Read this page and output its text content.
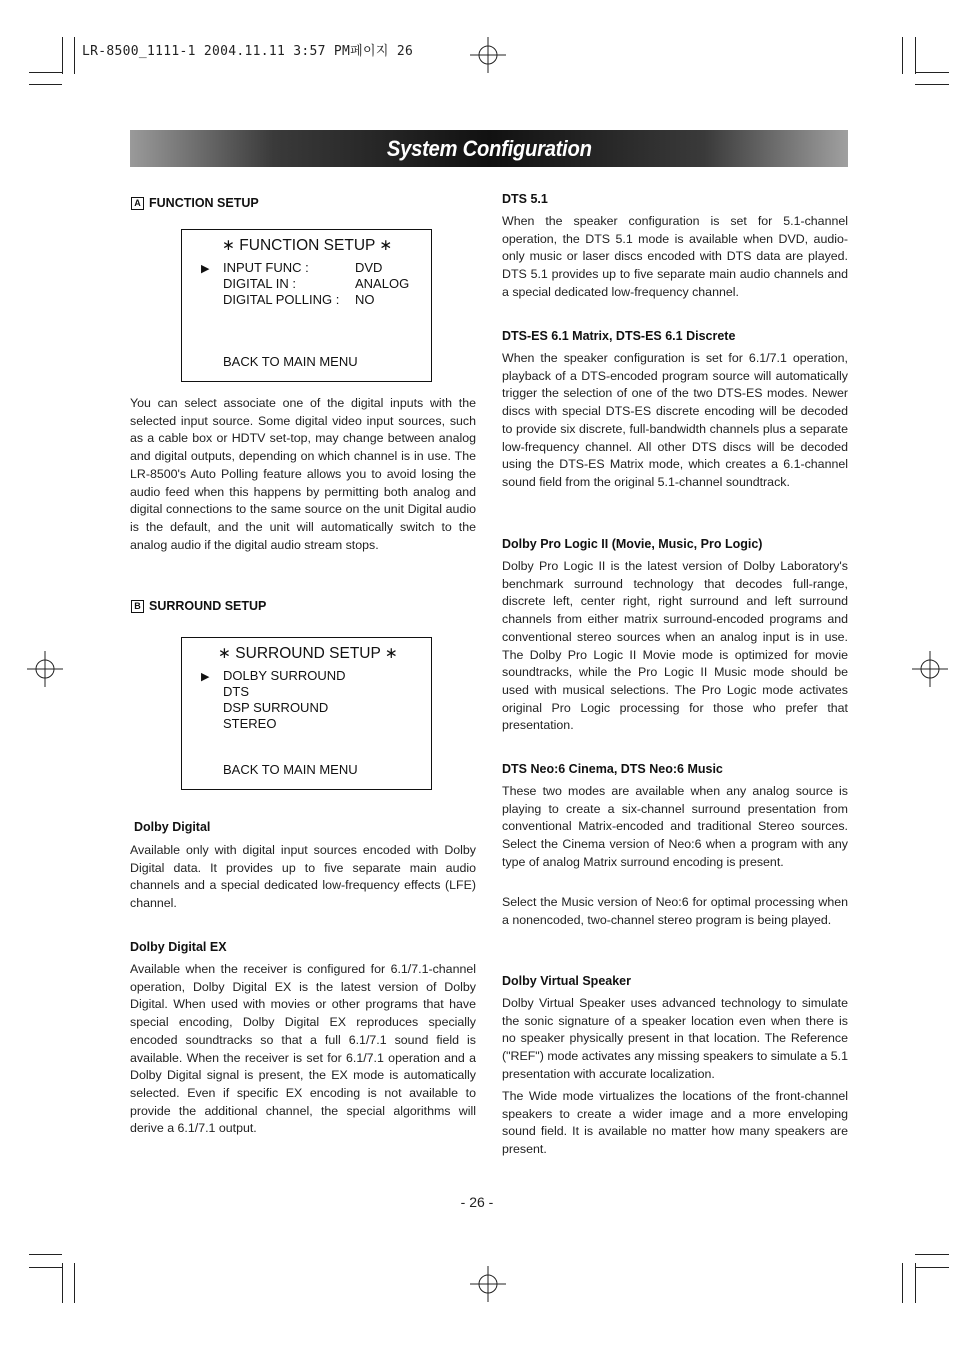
LR-8500_1111-1 2004.11.11 3:57 PM페이지 26
System Configuration
A FUNCTION SETUP
∗ FUNCTION SETUP ∗
▶ INPUT FUNC :	DVD
DIGITAL IN :	ANALOG
DIGITAL POLLING : NO
BACK TO MAIN MENU

You can select associate one of the digital inputs with the selected input source. Some digital video input sources, such as a cable box or HDTV set-top, may change between analog and digital outputs, depending on which channel is in use. The LR-8500's Auto Polling feature allows you to avoid losing the audio feed when this happens by permitting both analog and digital connections to the same source on the unit Digital audio is the default, and the unit will automatically switch to the analog audio if the digital audio stream stops.

B SURROUND SETUP
∗ SURROUND SETUP ∗
▶ DOLBY SURROUND
DTS
DSP SURROUND
STEREO
BACK TO MAIN MENU
Dolby Digital

Available only with digital input sources encoded with Dolby Digital data. It provides up to five separate main audio channels and a special dedicated low-frequency effects (LFE) channel.

Dolby Digital EX

Available when the receiver is configured for 6.1/7.1-channel operation, Dolby Digital EX is the latest version of Dolby Digital. When used with movies or other programs that have special encoding, Dolby Digital EX reproduces specially encoded soundtracks so that a full 6.1/7.1 sound field is available. When the receiver is set for 6.1/7.1 operation and a Dolby Digital signal is present, the EX mode is automatically selected. Even if specific EX encoding is not available to provide the additional channel, the special algorithms will derive a 6.1/7.1 output.

DTS 5.1

When the speaker configuration is set for 5.1-channel operation, the DTS 5.1 mode is available when DVD, audio-only music or laser discs encoded with DTS data are played. DTS 5.1 provides up to five separate main audio channels and a special dedicated low-frequency channel.

DTS-ES 6.1 Matrix, DTS-ES 6.1 Discrete

When the speaker configuration is set for 6.1/7.1 operation, playback of a DTS-encoded program source will automatically trigger the selection of one of the two DTS-ES modes. Newer discs with special DTS-ES discrete encoding will be decoded to provide six discrete, full-bandwidth channels plus a separate low-frequency channel. All other DTS discs will be decoded using the DTS-ES Matrix mode, which creates a 6.1-channel sound field from the original 5.1-channel soundtrack.

Dolby Pro Logic II (Movie, Music, Pro Logic)

Dolby Pro Logic II is the latest version of Dolby Laboratory's benchmark surround technology that decodes full-range, discrete left, center right, right surround and left surround channels from either matrix surround-encoded programs and conventional stereo sources when an analog input is in use. The Dolby Pro Logic II Movie mode is optimized for movie soundtracks, while the Pro Logic II Music mode should be used with musical selections. The Pro Logic mode activates original Pro Logic processing for those who prefer that presentation.

DTS Neo:6 Cinema, DTS Neo:6 Music

These two modes are available when any analog source is playing to create a six-channel surround presentation from conventional Matrix-encoded and traditional Stereo sources. Select the Cinema version of Neo:6 when a program with any type of analog Matrix surround encoding is present.

Select the Music version of Neo:6 for optimal processing when a nonencoded, two-channel stereo program is being played.

Dolby Virtual Speaker

Dolby Virtual Speaker uses advanced technology to simulate the sonic signature of a speaker location even when there is no speaker physically present in that location. The Reference ("REF") mode activates any missing speakers to simulate a 5.1 presentation with accurate localization.

The Wide mode virtualizes the locations of the front-channel speakers to create a wider image and a more enveloping sound field. It is available no matter how many speakers are present.

- 26 -
